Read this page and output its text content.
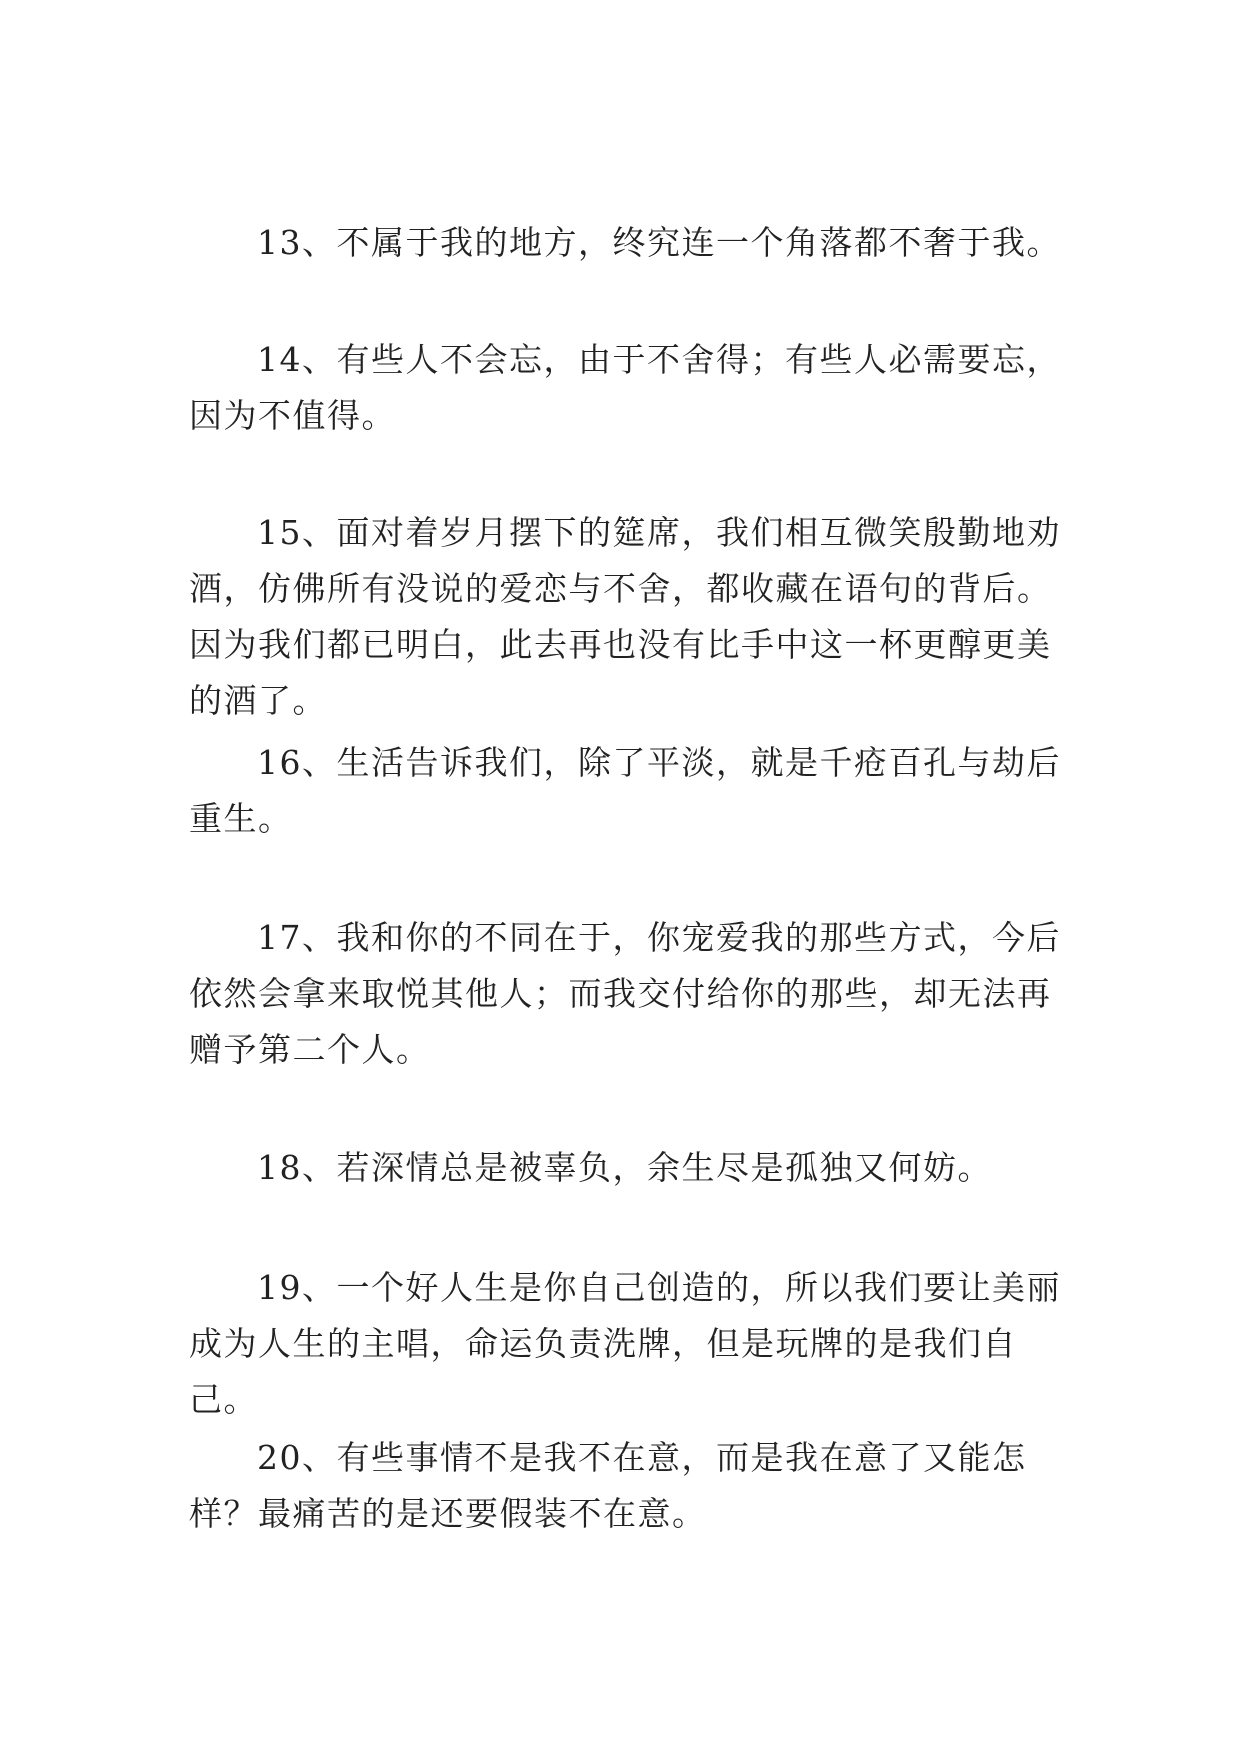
13、不属于我的地方，终究连一个角落都不奢于我。

14、有些人不会忘，由于不舍得；有些人必需要忘，因为不值得。

15、面对着岁月摆下的筵席，我们相互微笑殷勤地劝酒，仿佛所有没说的爱恋与不舍，都收藏在语句的背后。因为我们都已明白，此去再也没有比手中这一杯更醇更美的酒了。

16、生活告诉我们，除了平淡，就是千疮百孔与劫后重生。

17、我和你的不同在于，你宠爱我的那些方式，今后依然会拿来取悦其他人；而我交付给你的那些，却无法再赠予第二个人。

18、若深情总是被辜负，余生尽是孤独又何妨。

19、一个好人生是你自己创造的，所以我们要让美丽成为人生的主唱，命运负责洗牌，但是玩牌的是我们自己。

20、有些事情不是我不在意，而是我在意了又能怎样？最痛苦的是还要假装不在意。
